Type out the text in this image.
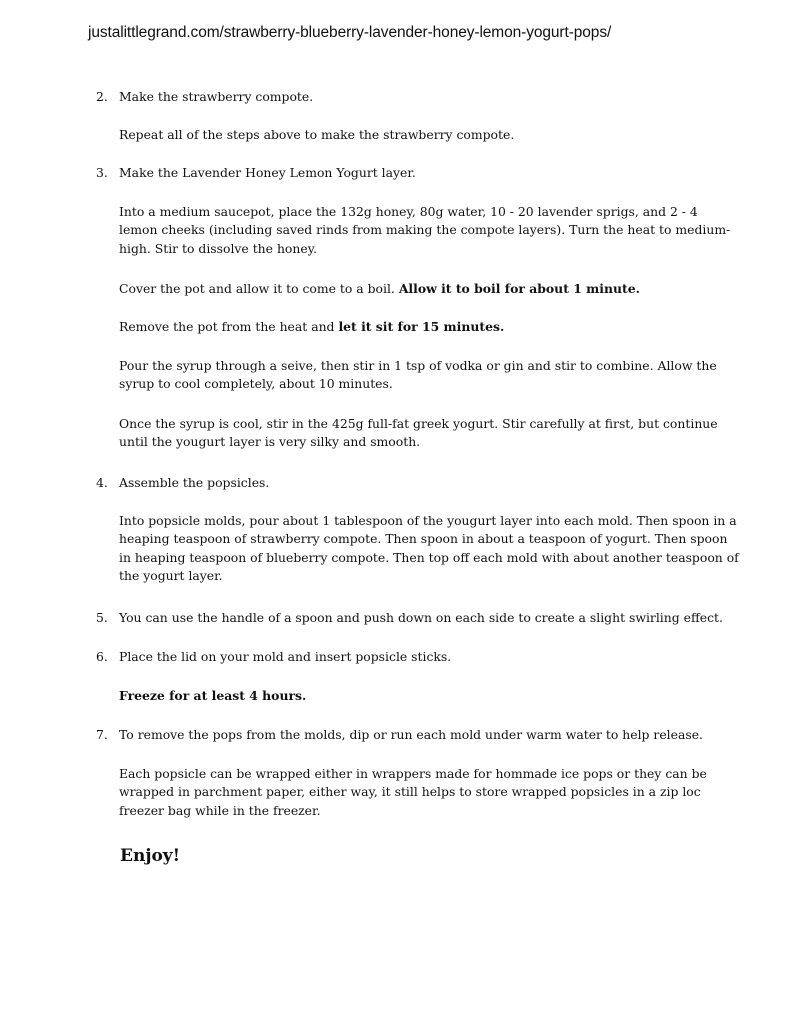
justalittlegrand.com/strawberry-blueberry-lavender-honey-lemon-yogurt-pops/
2. Make the strawberry compote.
Repeat all of the steps above to make the strawberry compote.
3. Make the Lavender Honey Lemon Yogurt layer.
Into a medium saucepot, place the 132g honey, 80g water, 10 - 20 lavender sprigs, and 2 - 4 lemon cheeks (including saved rinds from making the compote layers). Turn the heat to medium-high. Stir to dissolve the honey.
Cover the pot and allow it to come to a boil. Allow it to boil for about 1 minute.
Remove the pot from the heat and let it sit for 15 minutes.
Pour the syrup through a seive, then stir in 1 tsp of vodka or gin and stir to combine. Allow the syrup to cool completely, about 10 minutes.
Once the syrup is cool, stir in the 425g full-fat greek yogurt. Stir carefully at first, but continue until the yougurt layer is very silky and smooth.
4. Assemble the popsicles.
Into popsicle molds, pour about 1 tablespoon of the yougurt layer into each mold. Then spoon in a heaping teaspoon of strawberry compote. Then spoon in about a teaspoon of yogurt. Then spoon in heaping teaspoon of blueberry compote. Then top off each mold with about another teaspoon of the yogurt layer.
5. You can use the handle of a spoon and push down on each side to create a slight swirling effect.
6. Place the lid on your mold and insert popsicle sticks.
Freeze for at least 4 hours.
7. To remove the pops from the molds, dip or run each mold under warm water to help release.
Each popsicle can be wrapped either in wrappers made for hommade ice pops or they can be wrapped in parchment paper, either way, it still helps to store wrapped popsicles in a zip loc freezer bag while in the freezer.
Enjoy!
